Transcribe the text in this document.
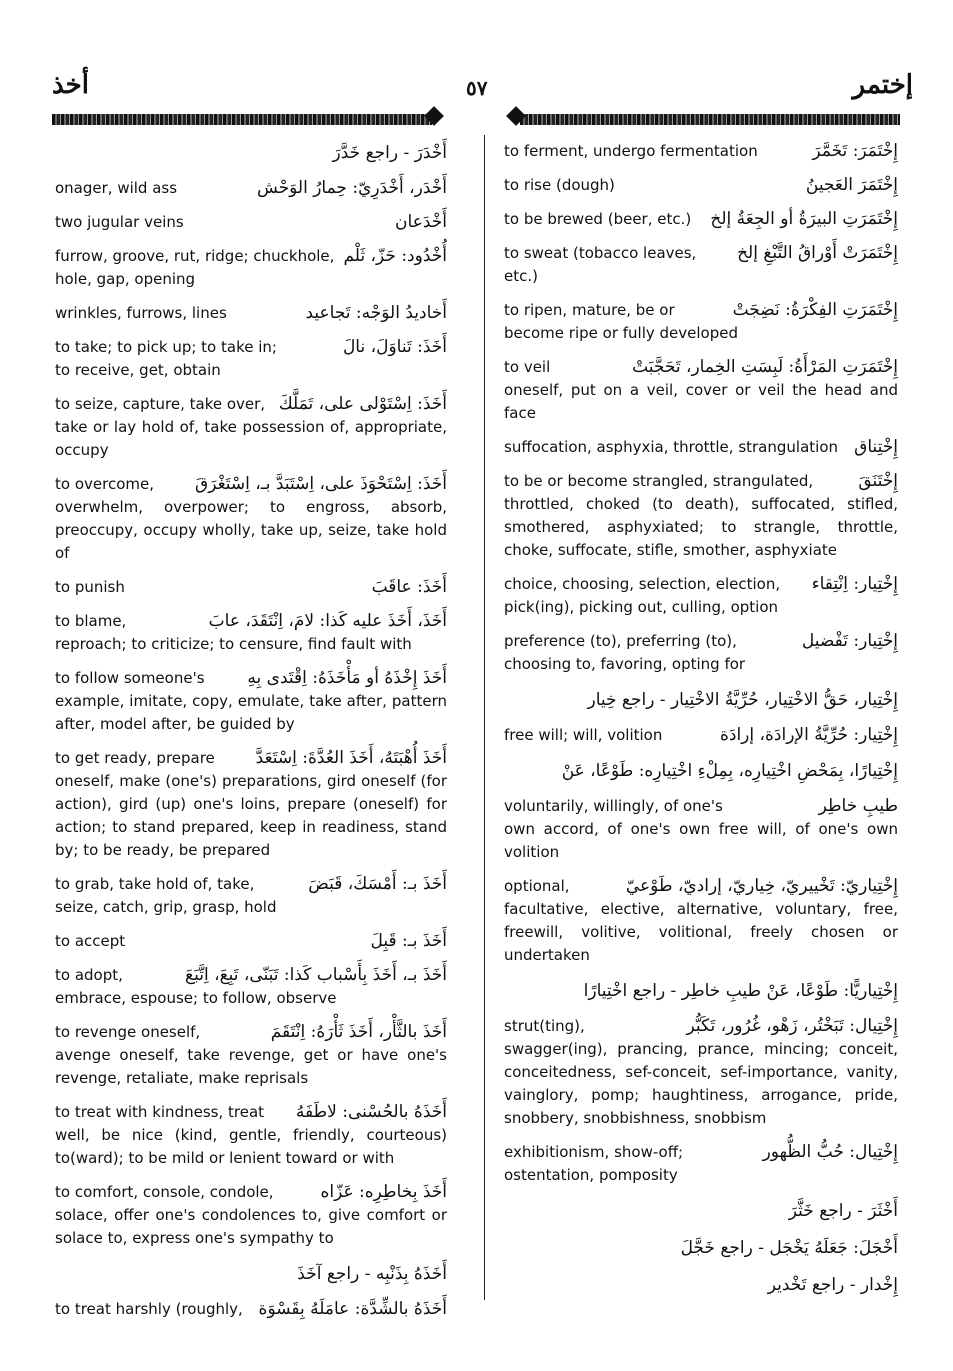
أخذ	٥٧	إختمر
أَخْدَرَ - راجع خَدَّرَ
onager, wild ass	أَخْدَر، أَخْدَرِيّ: حِمارُ الوَحْش
two jugular veins	أَخْدَعان
furrow, groove, rut, ridge; chuckhole, أُخْدُود: حَزّ، ثَلْم
hole, gap, opening
wrinkles, furrows, lines	أَخاديدُ الوَجْه: تَجاعيد
to take; to pick up; to take in;	أَخَذَ: تَناوَلَ، نالَ
to receive, get, obtain
to seize, capture, take over, أَخَذَ: اِسْتَوْلى على، تَمَلَّكَ
take or lay hold of, take possession of, appropriate, occupy
to overcome, أَخَذَ: اِسْتَحْوَذَ على، اِسْتَبَدَّ بـ، اِسْتَغْرَقَ
overwhelm, overpower; to engross, absorb, preoccupy, occupy wholly, take up, seize, take hold of
to punish	أَخَذَ: عاقَبَ
to blame,	أَخَذَ، أَخَذَ عليه كَذا: لامَ، اِنْتَقَدَ، عابَ
reproach; to criticize; to censure, find fault with
to follow someone's	أَخَذَ إِخْذَهُ أو مَأْخَذَهُ: اِقْتَدى بِهِ
example, imitate, copy, emulate, take after, pattern after, model after, be guided by
to get ready, prepare أَخَذَ أُهْبَتَهُ، أَخَذَ العُدَّةَ: اِسْتَعَدَّ
oneself, make (one's) preparations, gird oneself (for action), gird (up) one's loins, prepare (oneself) for action; to stand prepared, keep in readiness, stand by; to be ready, be prepared
to grab, take hold of, take,	أَخَذَ بـ: أَمْسَكَ، قَبَضَ
seize, catch, grip, grasp, hold
to accept	أَخَذَ بـ: قَبِلَ
to adopt,	أَخَذَ بـ، أَخَذَ بِأَسْباب كَذا: تَبَنّى، تَبِعَ، اِتَّبَعَ
embrace, espouse; to follow, observe
to revenge oneself,	أَخَذَ بالثَّأْر، أَخَذَ ثَأْرَهُ: اِنْتَقَمَ
avenge oneself, take revenge, get or have one's revenge, retaliate, make reprisals
to treat with kindness, treat أَخَذَهُ بالحُسْنى: لاطَفَهُ
well, be nice (kind, gentle, friendly, courteous) to(ward); to be mild or lenient toward or with
to comfort, console, condole,	أَخَذَ بِخاطِرِه: عَزّاه
solace, offer one's condolences to, give comfort or solace to, express one's sympathy to
أَخَذَهُ بِذَنْبِه - راجع آخَذَ
to treat harshly (roughly, أَخَذَهُ بالشِّدَّة: عامَلَهُ بِقَسْوَة
to ferment, undergo fermentation	إِخْتَمَرَ: تَخَمَّرَ
to rise (dough)	إِخْتَمَرَ العَجينُ
to be brewed (beer, etc.) إِخْتَمَرَتِ البيرَةُ أو الجِعَةُ إلخ
to sweat (tobacco leaves, إِخْتَمَرَتْ أَوْراقُ التَّبْغِ إلخ
etc.)
to ripen, mature, be or	إِخْتَمَرَتِ الفِكْرَةُ: نَضِجَتْ
become ripe or fully developed
to veil	إِخْتَمَرَتِ المَرْأَةُ: لَبِسَتِ الخِمار، تَحَجَّبَتْ
oneself, put on a veil, cover or veil the head and face
suffocation, asphyxia, throttle, strangulation إِخْتِناق
to be or become strangled, strangulated,	إِخْتَنَقَ
throttled, choked (to death), suffocated, stifled, smothered, asphyxiated; to strangle, throttle, choke, suffocate, stifle, smother, asphyxiate
choice, choosing, selection, election, إِخْتِيار: اِنْتِقاء
pick(ing), picking out, culling, option
preference (to), preferring (to),	إِخْتِيار: تَفْضيل
choosing to, favoring, opting for
إِخْتِيار، حَقُّ الاخْتِيار، حُرِّيَّةُ الاخْتِيار - راجع خِيار
free will; will, volition	إِخْتِيار: حُرِّيَّةُ الإرادَة، إرادَة
إِخْتِيارًا، بِمَحْضِ اخْتِيارِه، بِمِلْءِ اخْتِيارِه: طَوْعًا، عَنْ
voluntarily, willingly, of one's	طيبِ خاطِر
own accord, of one's own free will, of one's own volition
optional,	إِخْتِياريّ: تَخْييريّ، خِياريّ، إراديّ، طَوْعيّ
facultative, elective, alternative, voluntary, free, freewill, volitive, volitional, freely chosen or undertaken
إِخْتِياريًّا: طَوْعًا، عَنْ طيبِ خاطِر - راجع اخْتِيارًا
strut(ting),	إِخْتِيال: تَبَخْتُر، زَهْو، غُرُور، تَكَبُّر
swagger(ing), prancing, prance, mincing; conceit, conceitedness, sef-conceit, sef-importance, vanity, vainglory, pomp; haughtiness, arrogance, pride, snobbery, snobbishness, snobbism
exhibitionism, show-off;	إِخْتِيال: حُبُّ الظُّهور
ostentation, pomposity
أَخْثَرَ - راجع خَثَّرَ
أَخْجَلَ: جَعَلَهُ يَخْجَل - راجع خَجَّلَ
إِخْدار - راجع تَخْدير
